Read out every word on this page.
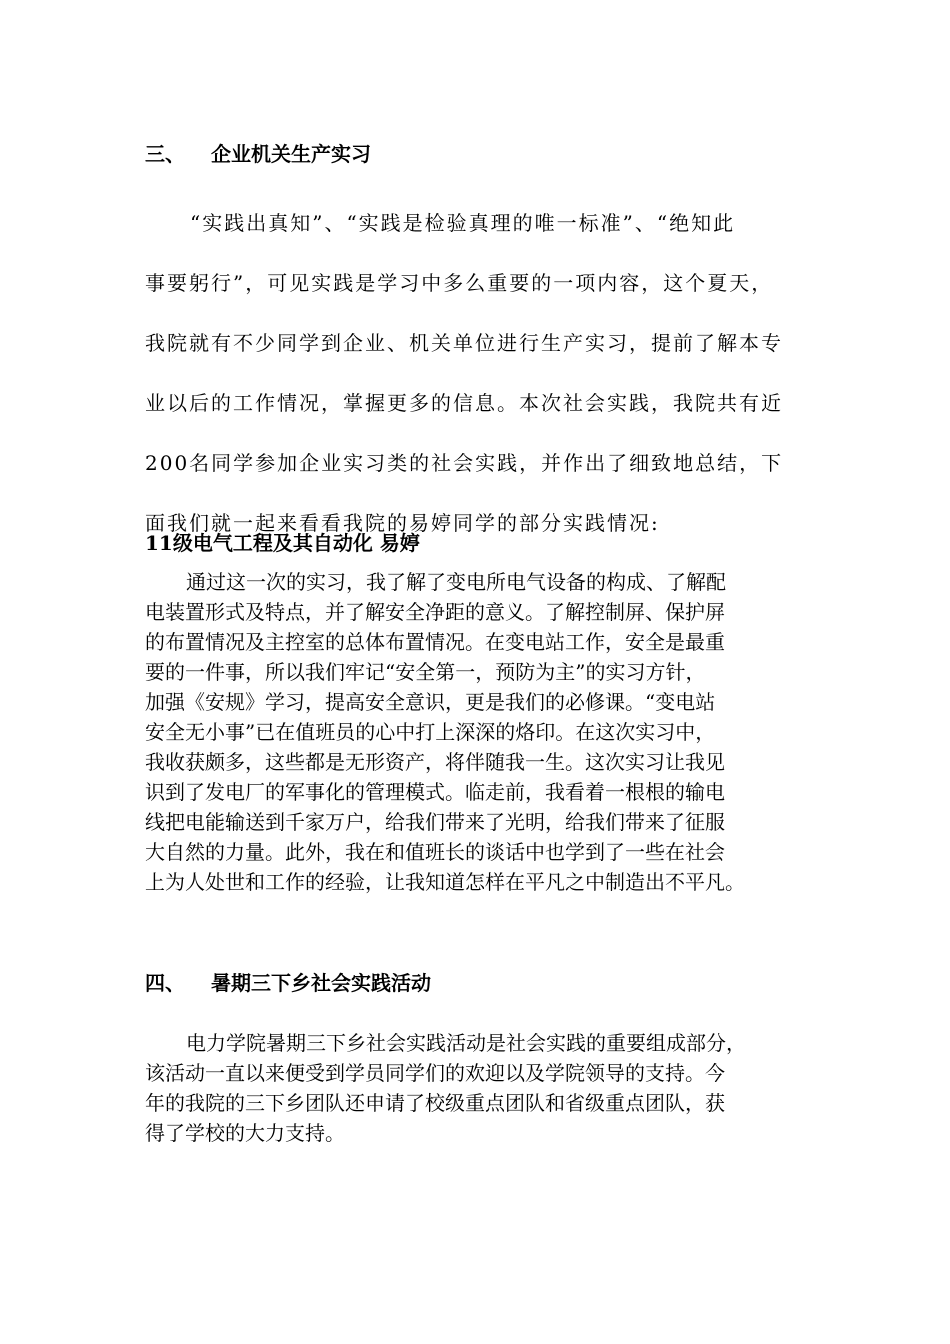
三、 企业机关生产实习
“实践出真知”、“实践是检验真理的唯一标准”、“绝知此
事要躬行”，可见实践是学习中多么重要的一项内容，这个夏天，
我院就有不少同学到企业、机关单位进行生产实习，提前了解本专
业以后的工作情况，掌握更多的信息。本次社会实践，我院共有近
200名同学参加企业实习类的社会实践，并作出了细致地总结，下
面我们就一起来看看我院的易婷同学的部分实践情况:
11级电气工程及其自动化 易婷
通过这一次的实习，我了解了变电所电气设备的构成、了解配
电装置形式及特点，并了解安全净距的意义。了解控制屏、保护屏
的布置情况及主控室的总体布置情况。在变电站工作，安全是最重
要的一件事，所以我们牢记“安全第一，预防为主”的实习方针，
加强《安规》学习，提高安全意识，更是我们的必修课。“变电站
安全无小事”已在值班员的心中打上深深的烙印。在这次实习中，
我收获颇多，这些都是无形资产，将伴随我一生。这次实习让我见
识到了发电厂的军事化的管理模式。临走前，我看着一根根的输电
线把电能输送到千家万户，给我们带来了光明，给我们带来了征服
大自然的力量。此外，我在和值班长的谈话中也学到了一些在社会
上为人处世和工作的经验，让我知道怎样在平凡之中制造出不平凡。
四、 暑期三下乡社会实践活动
电力学院暑期三下乡社会实践活动是社会实践的重要组成部分，
该活动一直以来便受到学员同学们的欢迎以及学院领导的支持。今
年的我院的三下乡团队还申请了校级重点团队和省级重点团队，获
得了学校的大力支持。
